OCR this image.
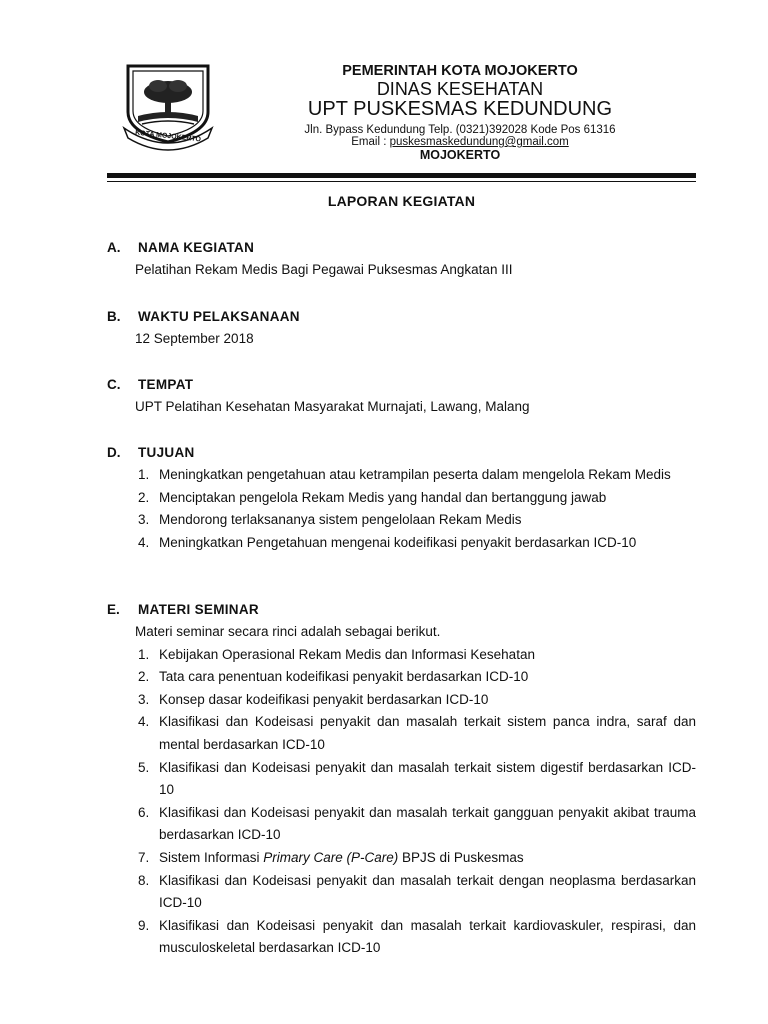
KOTA MOJOKERTO
PEMERINTAH KOTA MOJOKERTO
DINAS KESEHATAN
UPT PUSKESMAS KEDUNDUNG
Jln. Bypass Kedundung Telp. (0321)392028 Kode Pos 61316
Email : puskesmaskedundung@gmail.com
MOJOKERTO
LAPORAN KEGIATAN
A. NAMA KEGIATAN
Pelatihan Rekam Medis Bagi Pegawai Puksesmas Angkatan III
B. WAKTU PELAKSANAAN
12 September 2018
C. TEMPAT
UPT Pelatihan Kesehatan Masyarakat Murnajati, Lawang, Malang
D. TUJUAN
1. Meningkatkan pengetahuan atau ketrampilan peserta dalam mengelola Rekam Medis
2. Menciptakan pengelola Rekam Medis yang handal dan bertanggung jawab
3. Mendorong terlaksananya sistem pengelolaan Rekam Medis
4. Meningkatkan Pengetahuan mengenai kodeifikasi penyakit berdasarkan ICD-10
E. MATERI SEMINAR
Materi seminar secara rinci adalah sebagai berikut.
1. Kebijakan Operasional Rekam Medis dan Informasi Kesehatan
2. Tata cara penentuan kodeifikasi penyakit berdasarkan ICD-10
3. Konsep dasar kodeifikasi penyakit berdasarkan ICD-10
4. Klasifikasi dan Kodeisasi penyakit dan masalah terkait sistem panca indra, saraf dan mental berdasarkan ICD-10
5. Klasifikasi dan Kodeisasi penyakit dan masalah terkait sistem digestif berdasarkan ICD-10
6. Klasifikasi dan Kodeisasi penyakit dan masalah terkait gangguan penyakit akibat trauma berdasarkan ICD-10
7. Sistem Informasi Primary Care (P-Care) BPJS di Puskesmas
8. Klasifikasi dan Kodeisasi penyakit dan masalah terkait dengan neoplasma berdasarkan ICD-10
9. Klasifikasi dan Kodeisasi penyakit dan masalah terkait kardiovaskuler, respirasi, dan musculoskeletal berdasarkan ICD-10
